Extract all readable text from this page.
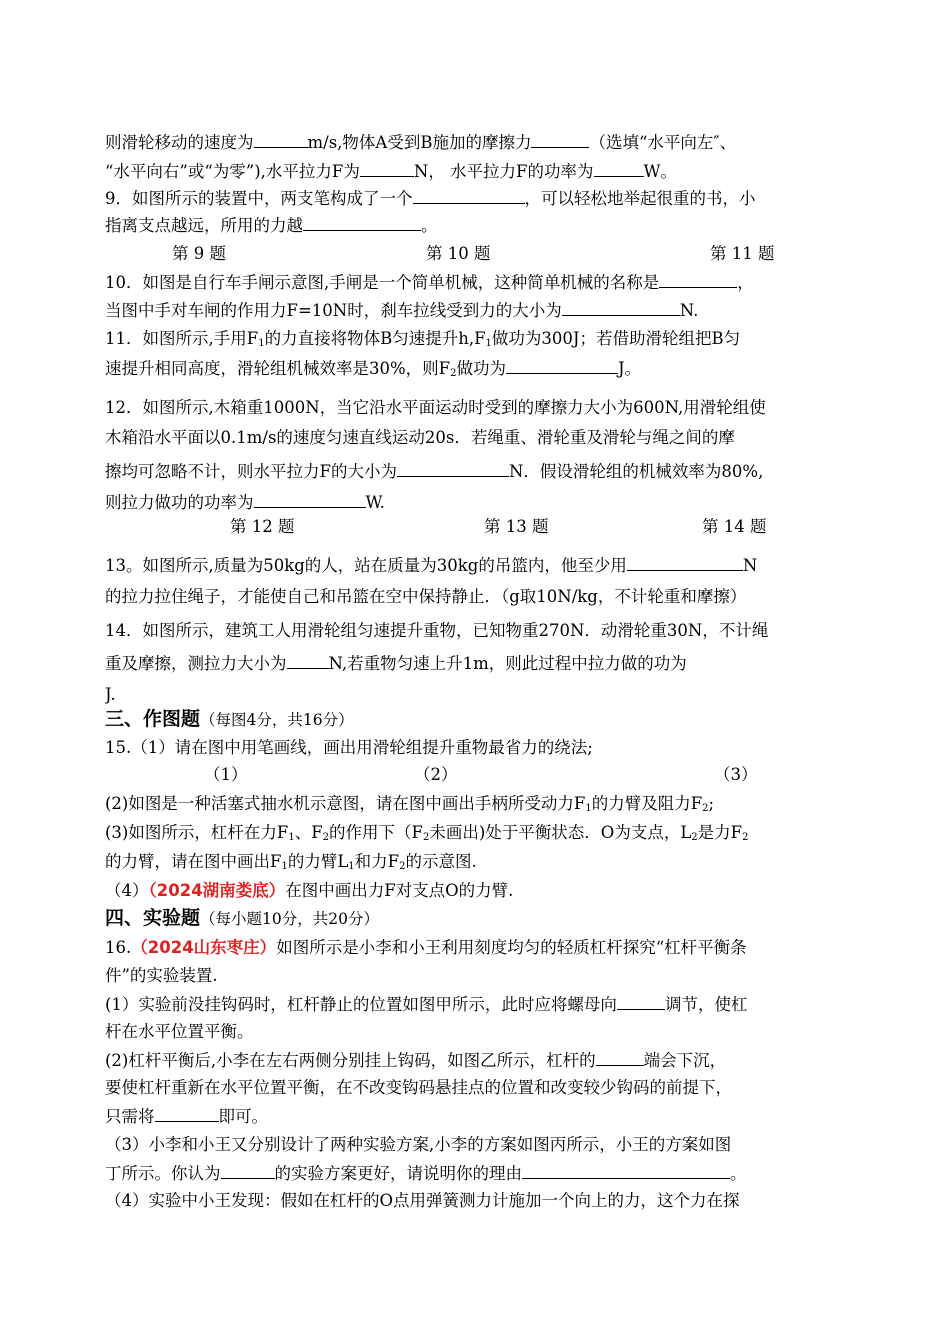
则滑轮移动的速度为	m/s,物体A受到B施加的摩擦力	（选填“水平向左″、
“水平向右”或“为零”),水平拉力F为	N， 水平拉力F的功率为	W。
9．如图所示的装置中，两支笔构成了一个	，可以轻松地举起很重的书，小
指离支点越远，所用的力越	。
第 9 题	第 10 题	第 11 题
10．如图是自行车手闸示意图,手闸是一个简单机械，这种简单机械的名称是	，
当图中手对车闸的作用力F=10N时，刹车拉线受到力的大小为	N.
11．如图所示,手用$F_1$的力直接将物体B匀速提升$h,F_1$做功为300J；若借助滑轮组把B匀
速提升相同高度，滑轮组机械效率是30%，则$F_2$做功为	J。
12．如图所示,木箱重1000N，当它沿水平面运动时受到的摩擦力大小为600N,用滑轮组使
木箱沿水平面以0.1m/s的速度匀速直线运动20s．若绳重、滑轮重及滑轮与绳之间的摩
擦均可忽略不计，则水平拉力F的大小为	N．假设滑轮组的机械效率为80%,
则拉力做功的功率为	W.
第 12 题	第 13 题	第 14 题
13。如图所示,质量为50kg的人，站在质量为30kg的吊篮内，他至少用	N
的拉力拉住绳子，才能使自己和吊篮在空中保持静止．（g取10N/kg，不计轮重和摩擦）
14．如图所示，建筑工人用滑轮组匀速提升重物，已知物重270N．动滑轮重30N，不计绳
重及摩擦，测拉力大小为	N,若重物匀速上升1m，则此过程中拉力做的功为
J.
三、作图题（每图4分，共16分）
15.（1）请在图中用笔画线，画出用滑轮组提升重物最省力的绕法;
（1）	（2）	（3）
(2)如图是一种活塞式抽水机示意图，请在图中画出手柄所受动力$F_1$的力臂及阻力$F_2$;
(3)如图所示，杠杆在力$F_1$、$F_2$的作用下（$F_2$未画出)处于平衡状态．O为支点，$L_2$是力$F_2$
的力臂，请在图中画出$F_1$的力臂$L_1$和力$F_2$的示意图.
（4）（2024湖南娄底）在图中画出力F对支点O的力臂.
四、实验题（每小题10分，共20分）
16.（2024山东枣庄）如图所示是小李和小王利用刻度均匀的轻质杠杆探究“杠杆平衡条
件”的实验装置.
(1）实验前没挂钩码时，杠杆静止的位置如图甲所示，此时应将螺母向	调节，使杠
杆在水平位置平衡。
(2)杠杆平衡后,小李在左右两侧分别挂上钩码，如图乙所示，杠杆的	端会下沉，
要使杠杆重新在水平位置平衡，在不改变钩码悬挂点的位置和改变较少钩码的前提下，
只需将	即可。
（3）小李和小王又分别设计了两种实验方案,小李的方案如图丙所示，小王的方案如图
丁所示。你认为	的实验方案更好，请说明你的理由	。
（4）实验中小王发现：假如在杠杆的O点用弹簧测力计施加一个向上的力，这个力在探
